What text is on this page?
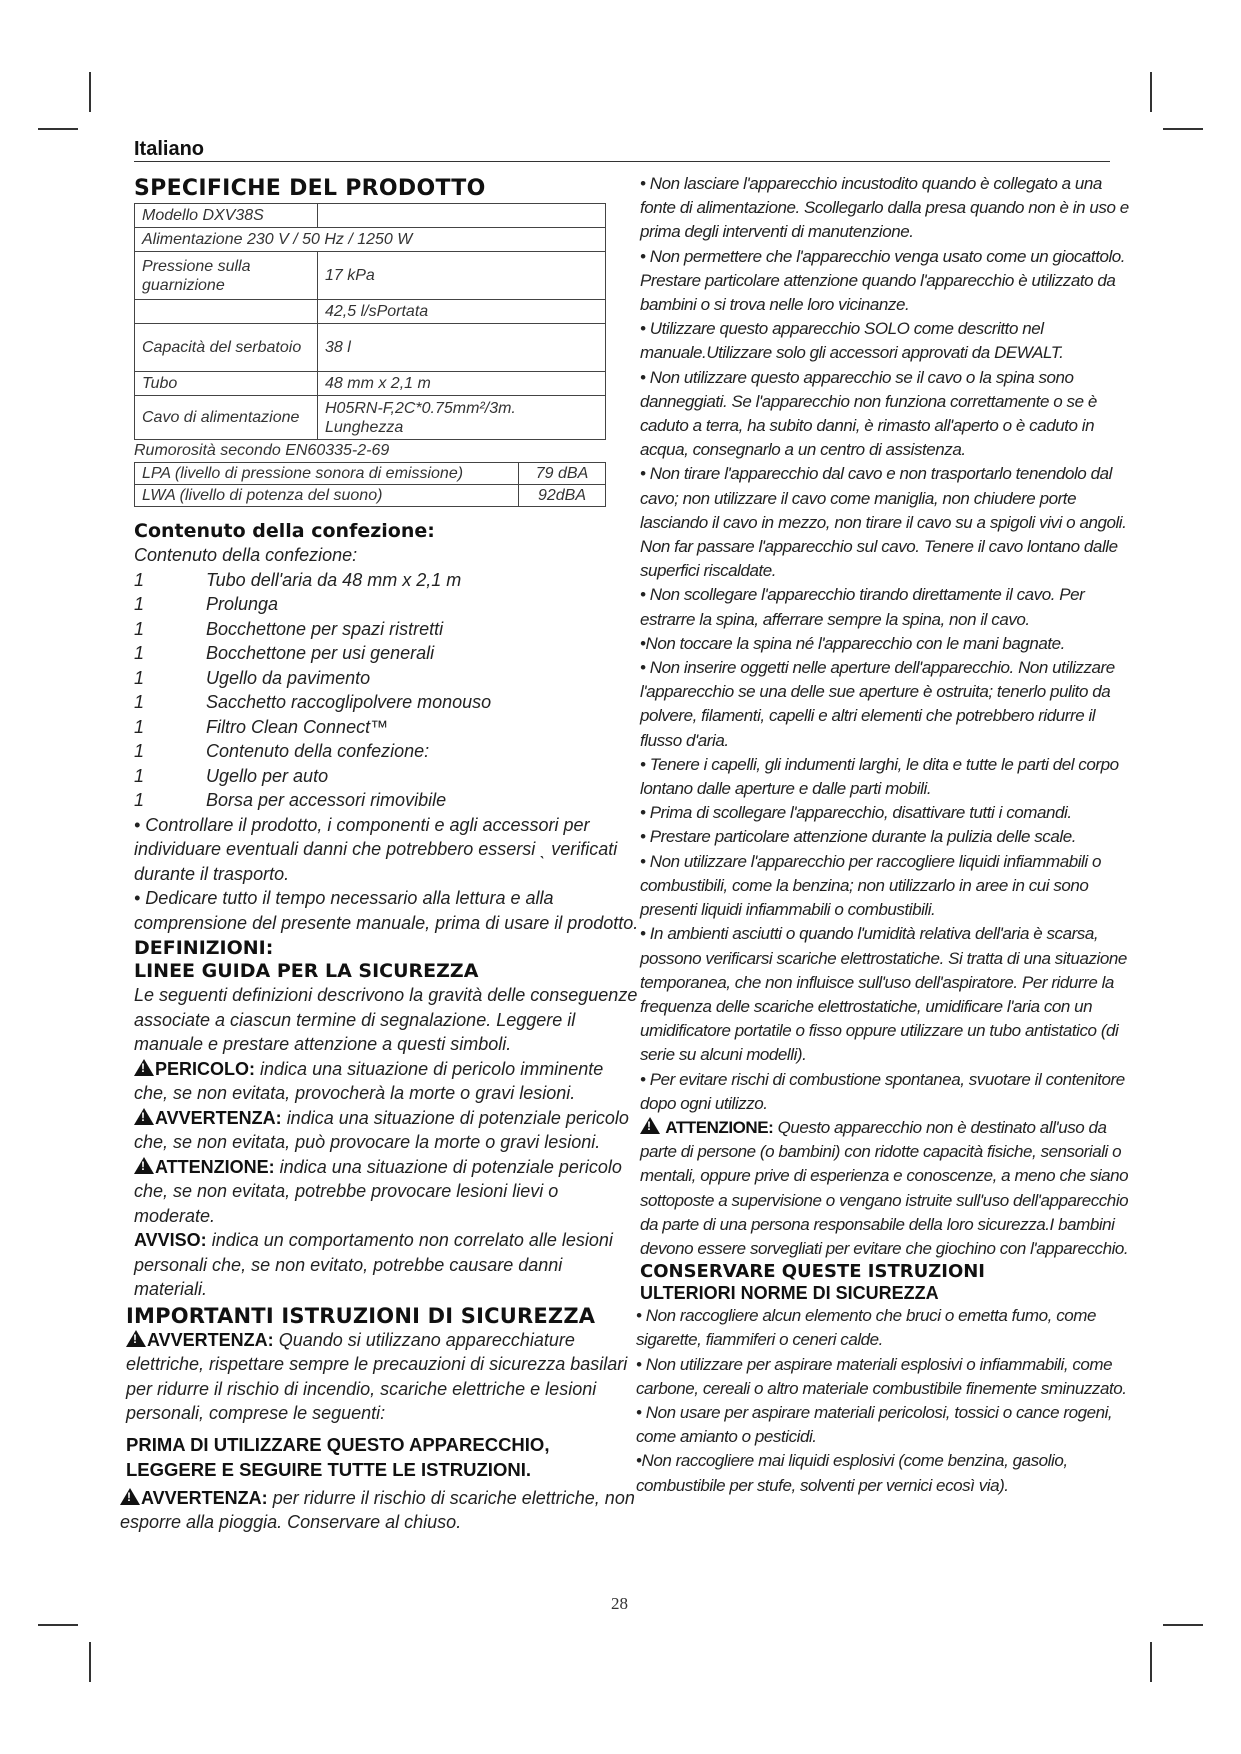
Italiano
SPECIFICHE DEL PRODOTTO
Modello DXV38S	
Alimentazione 230 V / 50 Hz / 1250 W	
Pressione sulla guarnizione	17 kPa
	42,5 l/sPortata
Capacità del serbatoio	38 l
Tubo	48 mm x 2,1 m
Cavo di alimentazione	H05RN-F,2C*0.75mm²/3m. Lunghezza
Rumorosità secondo EN60335-2-69
LPA (livello di pressione sonora di emissione)	79 dBA
LWA (livello di potenza del suono)	92dBA
Contenuto della confezione:
Contenuto della confezione:
1	Tubo dell'aria da 48 mm x 2,1 m
1	Prolunga
1	Bocchettone per spazi ristretti
1	Bocchettone per usi generali
1	Ugello da pavimento
1	Sacchetto raccoglipolvere monouso
1	Filtro Clean Connect™
1	Contenuto della confezione:
1	Ugello per auto
1	Borsa per accessori rimovibile

• Controllare il prodotto, i componenti e agli accessori per individuare eventuali danni che potrebbero essersi ˎ verificati durante il trasporto.

• Dedicare tutto il tempo necessario alla lettura e alla comprensione del presente manuale, prima di usare il prodotto.

DEFINIZIONI:
LINEE GUIDA PER LA SICUREZZA

Le seguenti definizioni descrivono la gravità delle conseguenze associate a ciascun termine di segnalazione. Leggere il manuale e prestare attenzione a questi simboli.

!PERICOLO: indica una situazione di pericolo imminente che, se non evitata, provocherà la morte o gravi lesioni.

!AVVERTENZA: indica una situazione di potenziale pericolo che, se non evitata, può provocare la morte o gravi lesioni.

!ATTENZIONE: indica una situazione di potenziale pericolo che, se non evitata, potrebbe provocare lesioni lievi o moderate.

AVVISO: indica un comportamento non correlato alle lesioni personali che, se non evitato, potrebbe causare danni materiali.

IMPORTANTI ISTRUZIONI DI SICUREZZA

!AVVERTENZA: Quando si utilizzano apparecchiature elettriche, rispettare sempre le precauzioni di sicurezza basilari per ridurre il rischio di incendio, scariche elettriche e lesioni personali, comprese le seguenti:

PRIMA DI UTILIZZARE QUESTO APPARECCHIO, LEGGERE E SEGUIRE TUTTE LE ISTRUZIONI.

!AVVERTENZA: per ridurre il rischio di scariche elettriche, non esporre alla pioggia. Conservare al chiuso.

• Non lasciare l'apparecchio incustodito quando è collegato a una fonte di alimentazione. Scollegarlo dalla presa quando non è in uso e prima degli interventi di manutenzione.

• Non permettere che l'apparecchio venga usato come un giocattolo. Prestare particolare attenzione quando l'apparecchio è utilizzato da bambini o si trova nelle loro vicinanze.

• Utilizzare questo apparecchio SOLO come descritto nel manuale.Utilizzare solo gli accessori approvati da DEWALT.

• Non utilizzare questo apparecchio se il cavo o la spina sono danneggiati. Se l'apparecchio non funziona correttamente o se è caduto a terra, ha subito danni, è rimasto all'aperto o è caduto in acqua, consegnarlo a un centro di assistenza.

• Non tirare l'apparecchio dal cavo e non trasportarlo tenendolo dal cavo; non utilizzare il cavo come maniglia, non chiudere porte lasciando il cavo in mezzo, non tirare il cavo su a spigoli vivi o angoli. Non far passare l'apparecchio sul cavo. Tenere il cavo lontano dalle superfici riscaldate.

• Non scollegare l'apparecchio tirando direttamente il cavo. Per estrarre la spina, afferrare sempre la spina, non il cavo.

•Non toccare la spina né l'apparecchio con le mani bagnate.

• Non inserire oggetti nelle aperture dell'apparecchio. Non utilizzare l'apparecchio se una delle sue aperture è ostruita; tenerlo pulito da polvere, filamenti, capelli e altri elementi che potrebbero ridurre il flusso d'aria.

• Tenere i capelli, gli indumenti larghi, le dita e tutte le parti del corpo lontano dalle aperture e dalle parti mobili.

• Prima di scollegare l'apparecchio, disattivare tutti i comandi.

• Prestare particolare attenzione durante la pulizia delle scale.

• Non utilizzare l'apparecchio per raccogliere liquidi infiammabili o combustibili, come la benzina; non utilizzarlo in aree in cui sono presenti liquidi infiammabili o combustibili.

• In ambienti asciutti o quando l'umidità relativa dell'aria è scarsa, possono verificarsi scariche elettrostatiche. Si tratta di una situazione temporanea, che non influisce sull'uso dell'aspiratore. Per ridurre la frequenza delle scariche elettrostatiche, umidificare l'aria con un umidificatore portatile o fisso oppure utilizzare un tubo antistatico (di serie su alcuni modelli).

• Per evitare rischi di combustione spontanea, svuotare il contenitore dopo ogni utilizzo.

! ATTENZIONE: Questo apparecchio non è destinato all'uso da parte di persone (o bambini) con ridotte capacità fisiche, sensoriali o mentali, oppure prive di esperienza e conoscenze, a meno che siano sottoposte a supervisione o vengano istruite sull'uso dell'apparecchio da parte di una persona responsabile della loro sicurezza.I bambini devono essere sorvegliati per evitare che giochino con l'apparecchio.

CONSERVARE QUESTE ISTRUZIONI
ULTERIORI NORME DI SICUREZZA

• Non raccogliere alcun elemento che bruci o emetta fumo, come sigarette, fiammiferi o ceneri calde.

• Non utilizzare per aspirare materiali esplosivi o infiammabili, come carbone, cereali o altro materiale combustibile finemente sminuzzato.

• Non usare per aspirare materiali pericolosi, tossici o cance rogeni, come amianto o pesticidi.

•Non raccogliere mai liquidi esplosivi (come benzina, gasolio, combustibile per stufe, solventi per vernici ecosì via).

28
